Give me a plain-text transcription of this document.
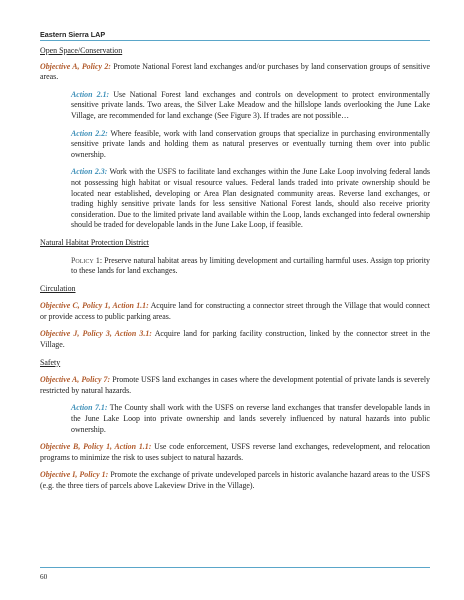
Eastern Sierra LAP

Open Space/Conservation

Objective A, Policy 2: Promote National Forest land exchanges and/or purchases by land conservation groups of sensitive areas.

Action 2.1: Use National Forest land exchanges and controls on development to protect environmentally sensitive private lands. Two areas, the Silver Lake Meadow and the hillslope lands overlooking the June Lake Village, are recommended for land exchange (See Figure 3). If trades are not possible…

Action 2.2: Where feasible, work with land conservation groups that specialize in purchasing environmentally sensitive private lands and holding them as natural preserves or eventually turning them over into public ownership.

Action 2.3: Work with the USFS to facilitate land exchanges within the June Lake Loop involving federal lands not possessing high habitat or visual resource values. Federal lands traded into private ownership should be located near established, developing or Area Plan designated community areas. Reverse land exchanges, or trading highly sensitive private lands for less sensitive National Forest lands, should also receive priority consideration. Due to the limited private land available within the Loop, lands exchanged into federal ownership should be traded for developable lands in the June Lake Loop, if feasible.

Natural Habitat Protection District

Policy 1: Preserve natural habitat areas by limiting development and curtailing harmful uses. Assign top priority to these lands for land exchanges.

Circulation

Objective C, Policy 1, Action 1.1: Acquire land for constructing a connector street through the Village that would connect or provide access to public parking areas.

Objective J, Policy 3, Action 3.1: Acquire land for parking facility construction, linked by the connector street in the Village.

Safety

Objective A, Policy 7: Promote USFS land exchanges in cases where the development potential of private lands is severely restricted by natural hazards.

Action 7.1: The County shall work with the USFS on reverse land exchanges that transfer developable lands in the June Lake Loop into private ownership and lands severely influenced by natural hazards into public ownership.

Objective B, Policy 1, Action 1.1: Use code enforcement, USFS reverse land exchanges, redevelopment, and relocation programs to minimize the risk to uses subject to natural hazards.

Objective I, Policy 1: Promote the exchange of private undeveloped parcels in historic avalanche hazard areas to the USFS (e.g. the three tiers of parcels above Lakeview Drive in the Village).

60
